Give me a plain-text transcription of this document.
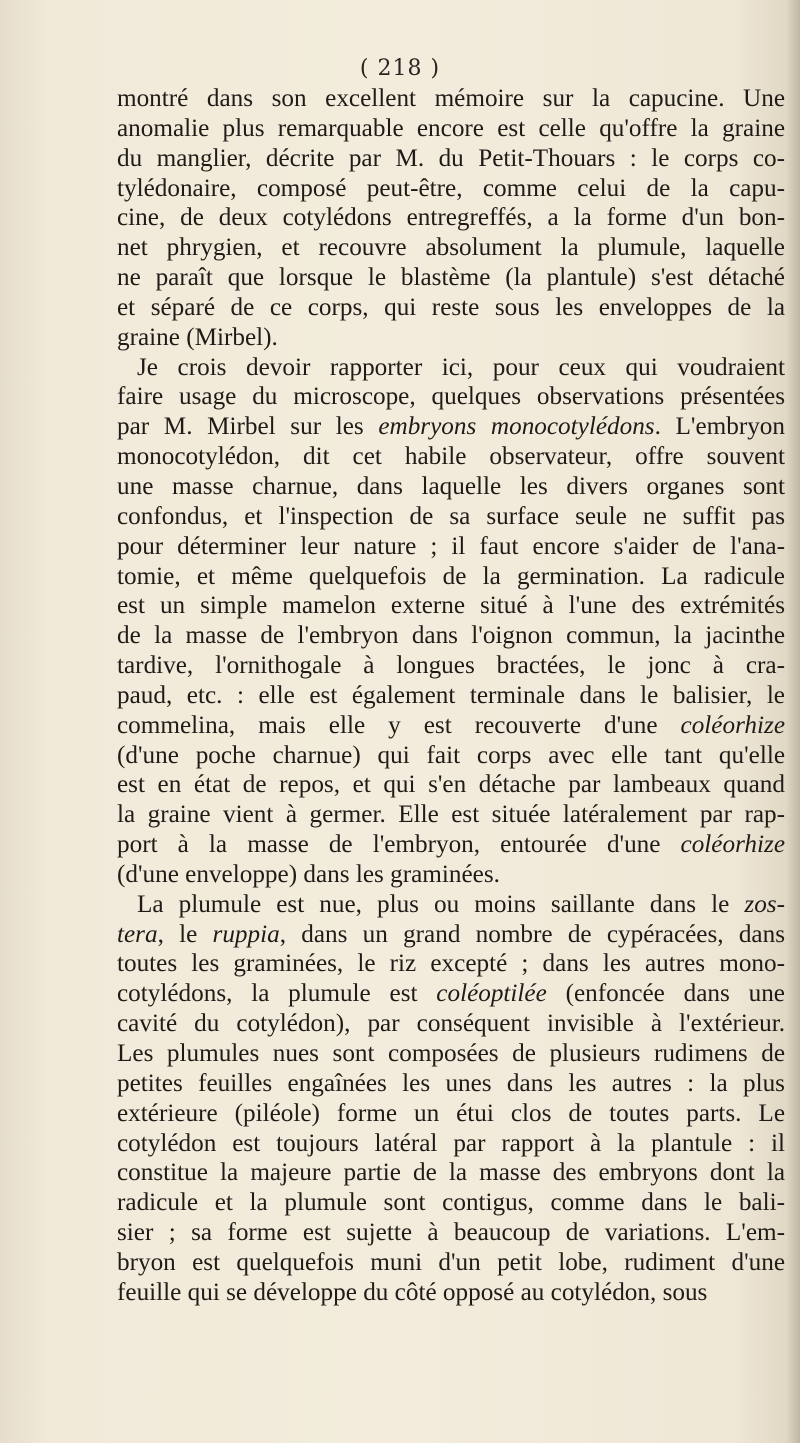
( 218 )

montré dans son excellent mémoire sur la capucine. Une
anomalie plus remarquable encore est celle qu'offre la graine
du manglier, décrite par M. du Petit-Thouars : le corps co-
tylédonaire, composé peut-être, comme celui de la capu-
cine, de deux cotylédons entregreffés, a la forme d'un bon-
net phrygien, et recouvre absolument la plumule, laquelle
ne paraît que lorsque le blastème (la plantule) s'est détaché
et séparé de ce corps, qui reste sous les enveloppes de la
graine (Mirbel).

Je crois devoir rapporter ici, pour ceux qui voudraient
faire usage du microscope, quelques observations présentées
par M. Mirbel sur les embryons monocotylédons. L'embryon
monocotylédon, dit cet habile observateur, offre souvent
une masse charnue, dans laquelle les divers organes sont
confondus, et l'inspection de sa surface seule ne suffit pas
pour déterminer leur nature ; il faut encore s'aider de l'ana-
tomie, et même quelquefois de la germination. La radicule
est un simple mamelon externe situé à l'une des extrémités
de la masse de l'embryon dans l'oignon commun, la jacinthe
tardive, l'ornithogale à longues bractées, le jonc à cra-
paud, etc. : elle est également terminale dans le balisier, le
commelina, mais elle y est recouverte d'une coléorhize
(d'une poche charnue) qui fait corps avec elle tant qu'elle
est en état de repos, et qui s'en détache par lambeaux quand
la graine vient à germer. Elle est située latéralement par rap-
port à la masse de l'embryon, entourée d'une coléorhize
(d'une enveloppe) dans les graminées.

La plumule est nue, plus ou moins saillante dans le zos-
tera, le ruppia, dans un grand nombre de cypéracées, dans
toutes les graminées, le riz excepté ; dans les autres mono-
cotylédons, la plumule est coléoptilée (enfoncée dans une
cavité du cotylédon), par conséquent invisible à l'extérieur.
Les plumules nues sont composées de plusieurs rudimens de
petites feuilles engaînées les unes dans les autres : la plus
extérieure (piléole) forme un étui clos de toutes parts. Le
cotylédon est toujours latéral par rapport à la plantule : il
constitue la majeure partie de la masse des embryons dont la
radicule et la plumule sont contigus, comme dans le bali-
sier ; sa forme est sujette à beaucoup de variations. L'em-
bryon est quelquefois muni d'un petit lobe, rudiment d'une
feuille qui se développe du côté opposé au cotylédon, sous
